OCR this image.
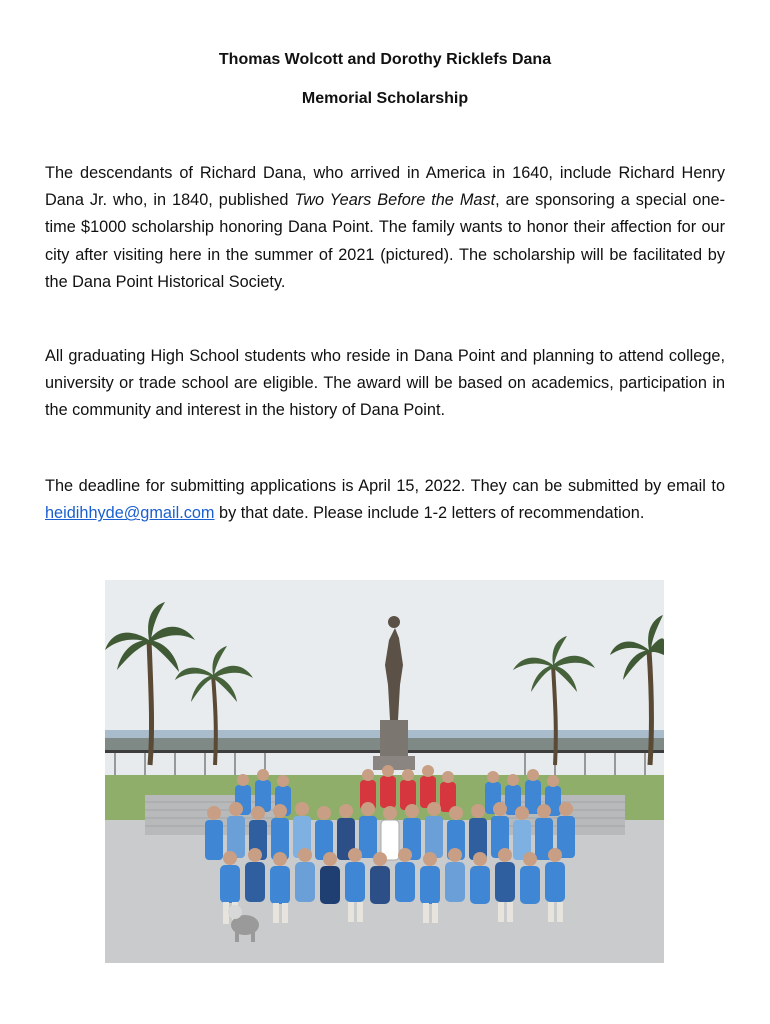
Thomas Wolcott and Dorothy Ricklefs Dana
Memorial Scholarship
The descendants of Richard Dana, who arrived in America in 1640, include Richard Henry Dana Jr. who, in 1840, published Two Years Before the Mast, are sponsoring a special one-time $1000 scholarship honoring Dana Point. The family wants to honor their affection for our city after visiting here in the summer of 2021 (pictured). The scholarship will be facilitated by the Dana Point Historical Society.
All graduating High School students who reside in Dana Point and planning to attend college, university or trade school are eligible. The award will be based on academics, participation in the community and interest in the history of Dana Point.
The deadline for submitting applications is April 15, 2022. They can be submitted by email to heidihhyde@gmail.com by that date. Please include 1-2 letters of recommendation.
